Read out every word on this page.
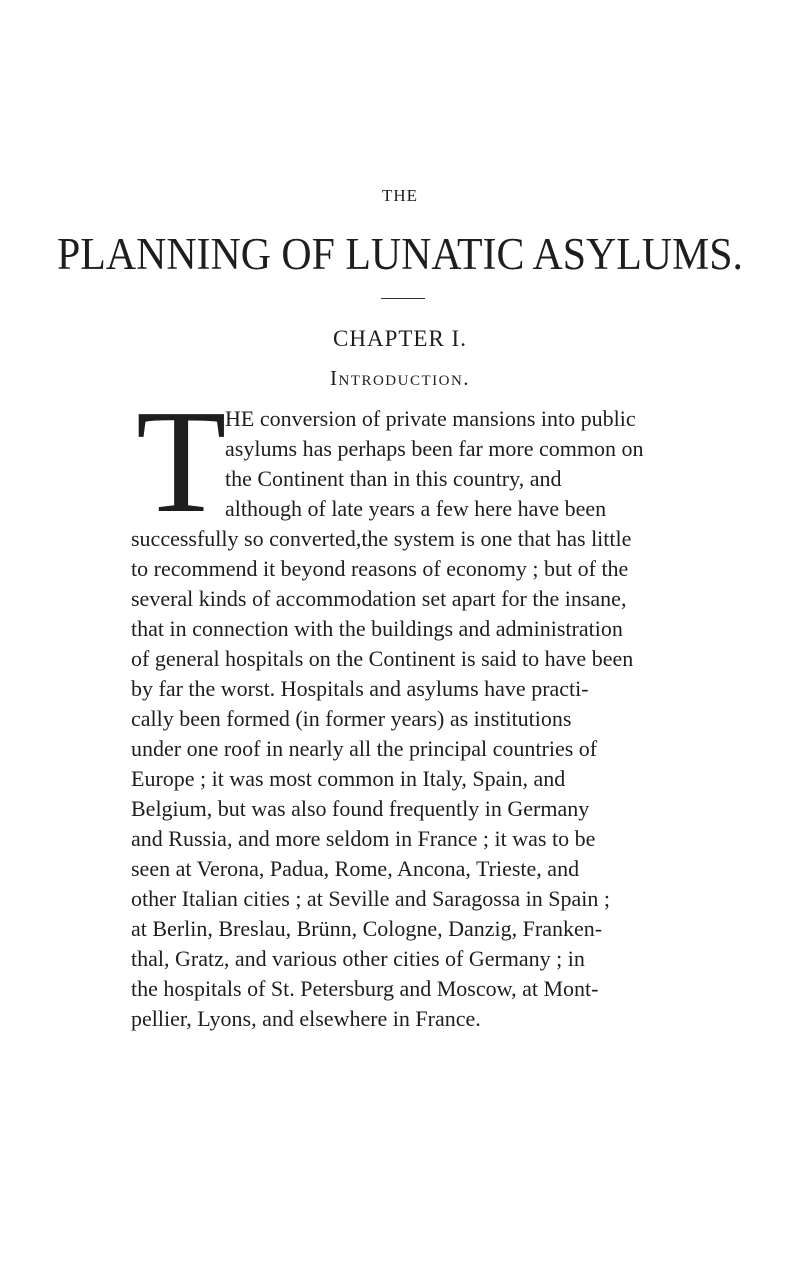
THE
PLANNING OF LUNATIC ASYLUMS.
CHAPTER I.
Introduction.
T
HE conversion of private mansions into public
asylums has perhaps been far more common on
the Continent than in this country, and
although of late years a few here have been
successfully so converted,the system is one that has little
to recommend it beyond reasons of economy ; but of the
several kinds of accommodation set apart for the insane,
that in connection with the buildings and administration
of general hospitals on the Continent is said to have been
by far the worst. Hospitals and asylums have practi-
cally been formed (in former years) as institutions
under one roof in nearly all the principal countries of
Europe ; it was most common in Italy, Spain, and
Belgium, but was also found frequently in Germany
and Russia, and more seldom in France ; it was to be
seen at Verona, Padua, Rome, Ancona, Trieste, and
other Italian cities ; at Seville and Saragossa in Spain ;
at Berlin, Breslau, Brünn, Cologne, Danzig, Franken-
thal, Gratz, and various other cities of Germany ; in
the hospitals of St. Petersburg and Moscow, at Mont-
pellier, Lyons, and elsewhere in France.
